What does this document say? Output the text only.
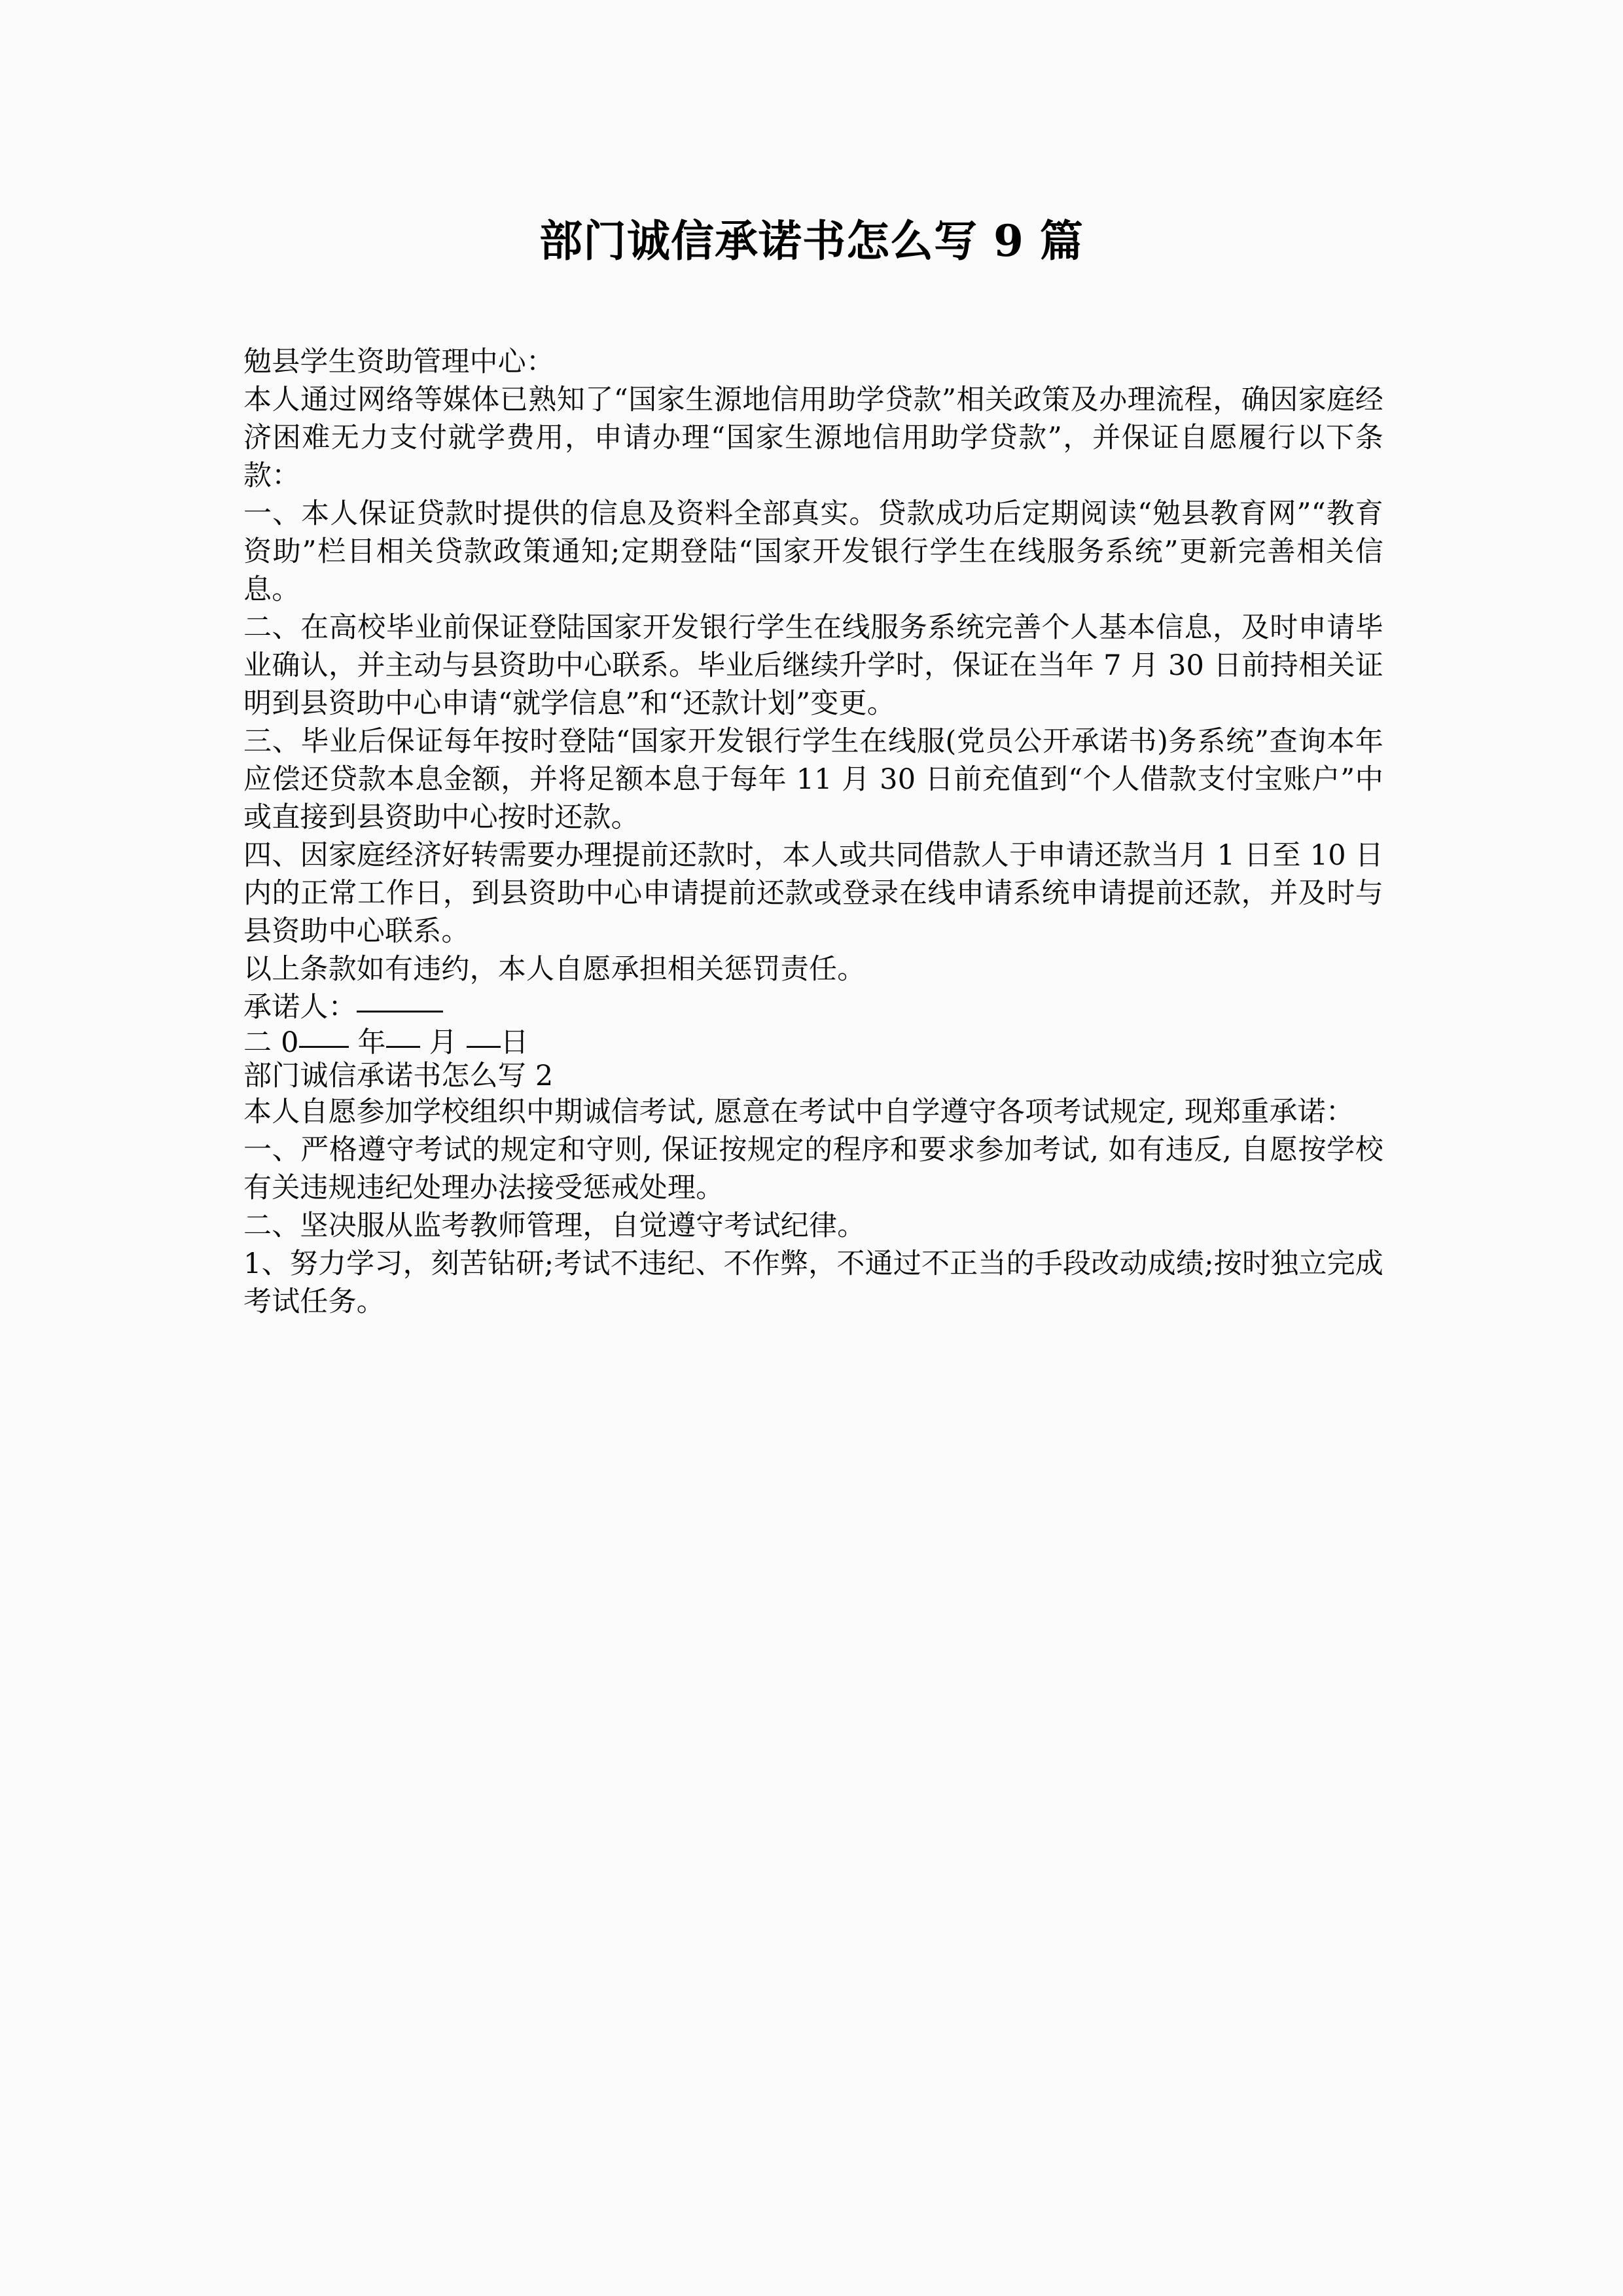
部门诚信承诺书怎么写 9 篇

勉县学生资助管理中心：

本人通过网络等媒体已熟知了“国家生源地信用助学贷款”相关政策及办理流程，确因家庭经济困难无力支付就学费用，申请办理“国家生源地信用助学贷款”，并保证自愿履行以下条款：

一、本人保证贷款时提供的信息及资料全部真实。贷款成功后定期阅读“勉县教育网”“教育资助”栏目相关贷款政策通知;定期登陆“国家开发银行学生在线服务系统”更新完善相关信息。

二、在高校毕业前保证登陆国家开发银行学生在线服务系统完善个人基本信息，及时申请毕业确认，并主动与县资助中心联系。毕业后继续升学时，保证在当年 7 月 30 日前持相关证明到县资助中心申请“就学信息”和“还款计划”变更。

三、毕业后保证每年按时登陆“国家开发银行学生在线服(党员公开承诺书)务系统”查询本年应偿还贷款本息金额，并将足额本息于每年 11 月 30 日前充值到“个人借款支付宝账户”中或直接到县资助中心按时还款。

四、因家庭经济好转需要办理提前还款时，本人或共同借款人于申请还款当月 1 日至 10 日内的正常工作日，到县资助中心申请提前还款或登录在线申请系统申请提前还款，并及时与县资助中心联系。

以上条款如有违约，本人自愿承担相关惩罚责任。

承诺人：

二 0 年 月 日

部门诚信承诺书怎么写 2

本人自愿参加学校组织中期诚信考试, 愿意在考试中自学遵守各项考试规定, 现郑重承诺：

一、严格遵守考试的规定和守则, 保证按规定的程序和要求参加考试, 如有违反, 自愿按学校有关违规违纪处理办法接受惩戒处理。

二、坚决服从监考教师管理，自觉遵守考试纪律。

1、努力学习，刻苦钻研;考试不违纪、不作弊，不通过不正当的手段改动成绩;按时独立完成考试任务。
